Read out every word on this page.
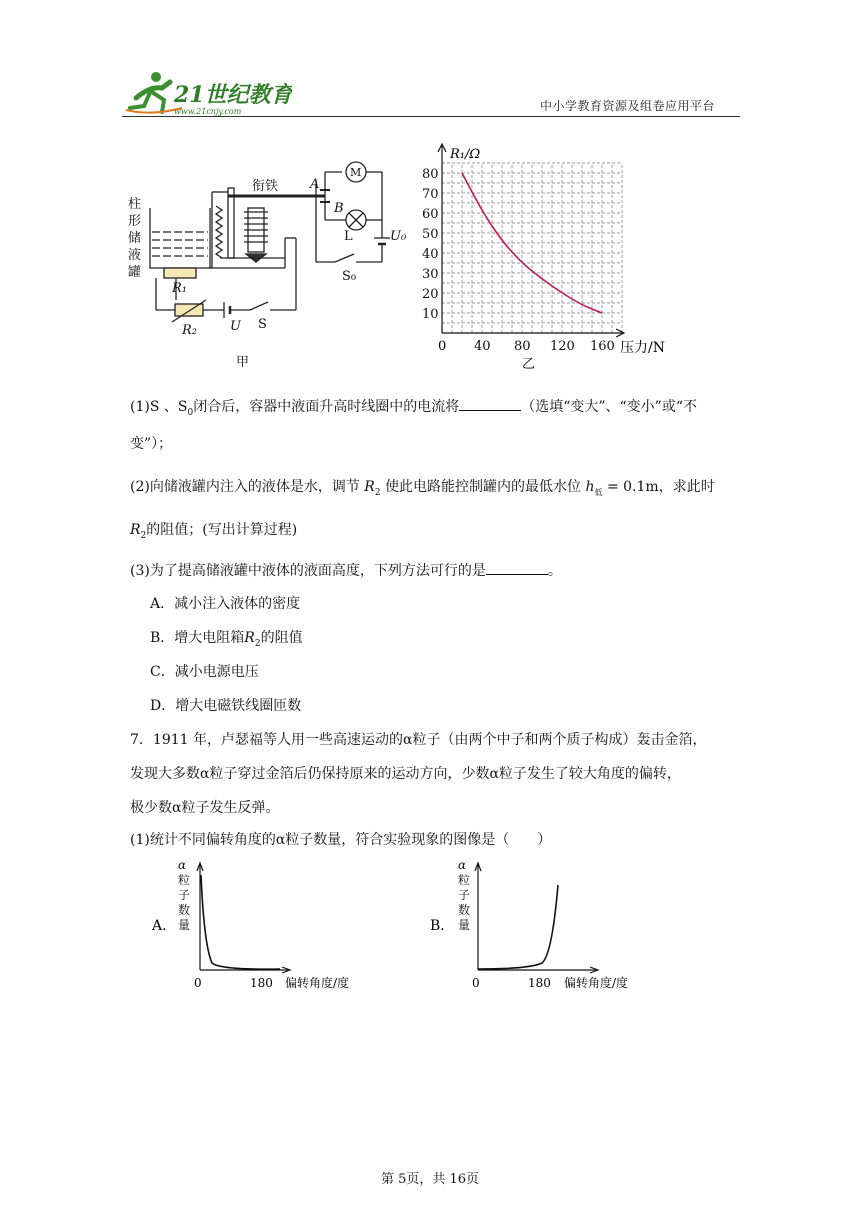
21世纪教育
www.21cnjy.com	中小学教育资源及组卷应用平台
柱
形
储
液
罐
衔铁 A
B
M
L	U₀
S₀
R₁
R₂	U S
甲
80
70
60
50
40
30
20
10
40 80 120 160
R₁/Ω
压力/N
0
乙
(1)S 、$S_0$闭合后，容器中液面升高时线圈中的电流将	（选填“变大”、“变小”或“不
变”）；
(2)向储液罐内注入的液体是水，调节 $R_2$ 使此电路能控制罐内的最低水位 $h_低 = 0.1m$，求此时
$R_2$的阻值；(写出计算过程)
(3)为了提高储液罐中液体的液面高度，下列方法可行的是	。
A．减小注入液体的密度
B．增大电阻箱$R_2$的阻值
C．减小电源电压
D．增大电磁铁线圈匝数
7．1911 年，卢瑟福等人用一些高速运动的α粒子（由两个中子和两个质子构成）轰击金箔，
发现大多数α粒子穿过金箔后仍保持原来的运动方向，少数α粒子发生了较大角度的偏转，
极少数α粒子发生反弹。
(1)统计不同偏转角度的α粒子数量，符合实验现象的图像是（　　）
A．
α
粒
子
数
量
0	180 偏转角度/度
B．
α
粒
子
数
量
0	180 偏转角度/度
第 5页，共 16页
